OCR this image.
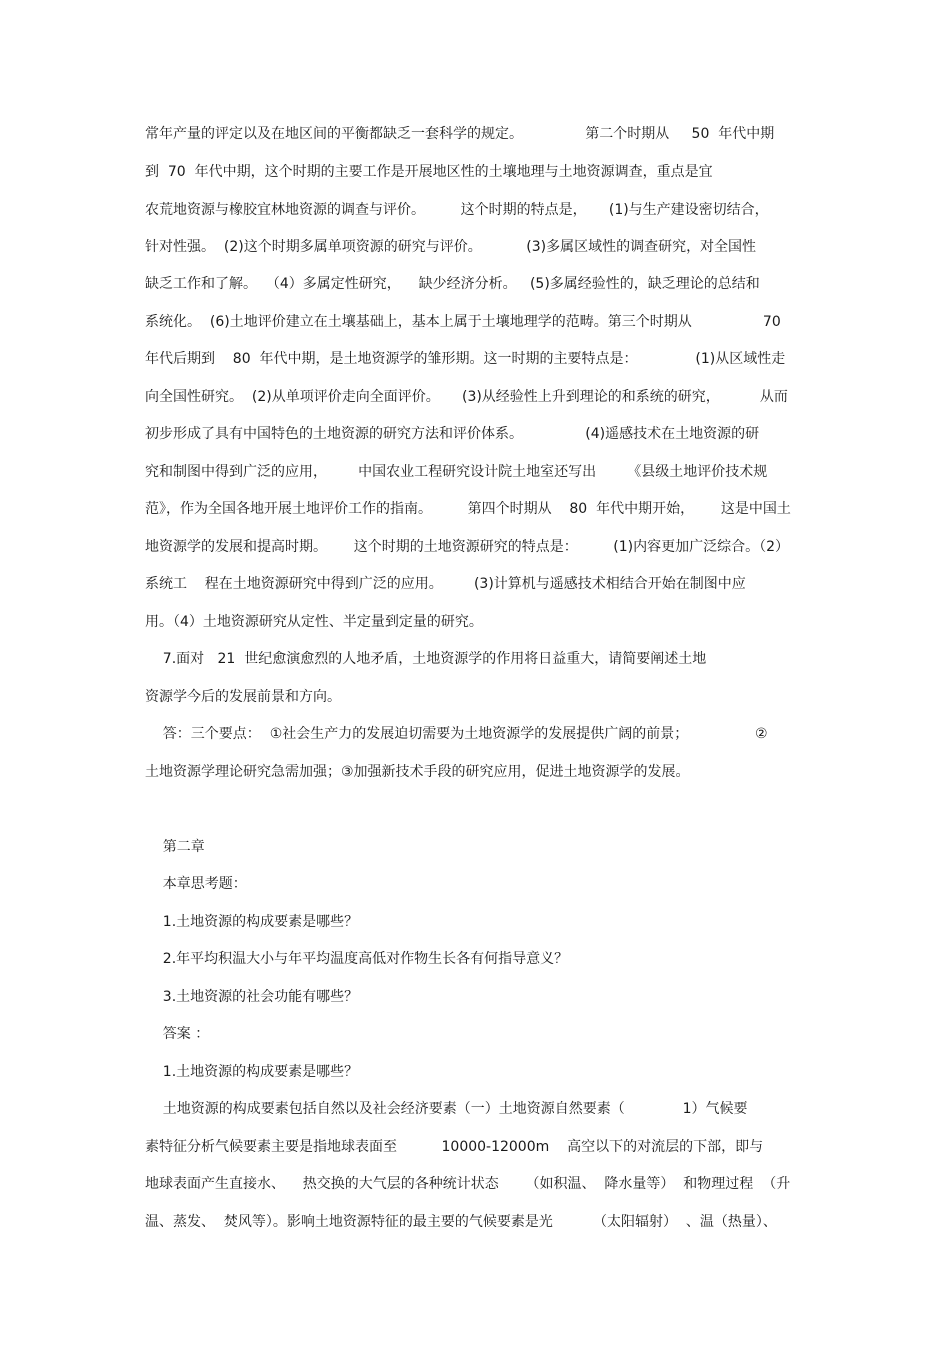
常年产量的评定以及在地区间的平衡都缺乏一套科学的规定。              第二个时期从     50  年代中期
到  70  年代中期，这个时期的主要工作是开展地区性的土壤地理与土地资源调查，重点是宜
农荒地资源与橡胶宜林地资源的调查与评价。        这个时期的特点是，     (1)与生产建设密切结合，
针对性强。  (2)这个时期多属单项资源的研究与评价。          (3)多属区域性的调查研究，对全国性
缺乏工作和了解。  （4）多属定性研究，    缺少经济分析。   (5)多属经验性的，缺乏理论的总结和
系统化。  (6)土地评价建立在土壤基础上，基本上属于土壤地理学的范畴。第三个时期从                70
年代后期到    80  年代中期，是土地资源学的雏形期。这一时期的主要特点是：             (1)从区域性走
向全国性研究。  (2)从单项评价走向全面评价。     (3)从经验性上升到理论的和系统的研究，         从而
初步形成了具有中国特色的土地资源的研究方法和评价体系。              (4)遥感技术在土地资源的研
究和制图中得到广泛的应用，       中国农业工程研究设计院土地室还写出       《县级土地评价技术规
范》，作为全国各地开展土地评价工作的指南。        第四个时期从    80  年代中期开始，      这是中国土
地资源学的发展和提高时期。      这个时期的土地资源研究的特点是：        (1)内容更加广泛综合。（2）
系统工    程在土地资源研究中得到广泛的应用。       (3)计算机与遥感技术相结合开始在制图中应
用。（4）土地资源研究从定性、半定量到定量的研究。
7.面对   21  世纪愈演愈烈的人地矛盾，土地资源学的作用将日益重大，请简要阐述土地
资源学今后的发展前景和方向。
答：三个要点：  ①社会生产力的发展迫切需要为土地资源学的发展提供广阔的前景；               ②
土地资源学理论研究急需加强；③加强新技术手段的研究应用，促进土地资源学的发展。
第二章
本章思考题：
1.土地资源的构成要素是哪些？
2.年平均积温大小与年平均温度高低对作物生长各有何指导意义？
3.土地资源的社会功能有哪些？
答案 ：
1.土地资源的构成要素是哪些？
土地资源的构成要素包括自然以及社会经济要素（一）土地资源自然要素（             1）气候要
素特征分析气候要素主要是指地球表面至          10000-12000m    高空以下的对流层的下部，即与
地球表面产生直接水、    热交换的大气层的各种统计状态      （如积温、  降水量等）  和物理过程  （升
温、蒸发、  焚风等）。影响土地资源特征的最主要的气候要素是光         （太阳辐射）  、温（热量）、
